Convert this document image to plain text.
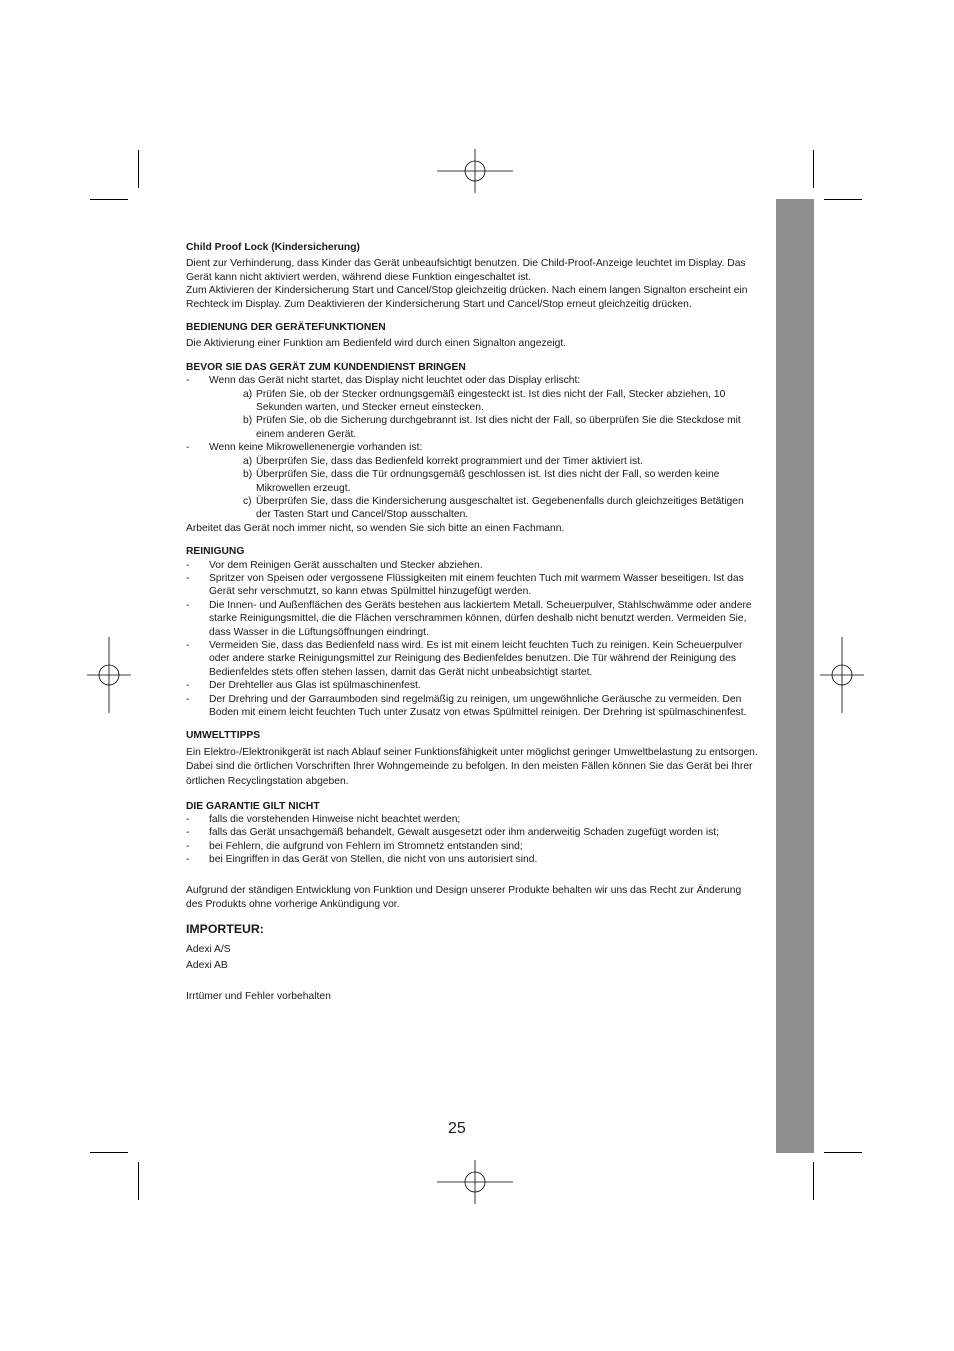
Child Proof Lock (Kindersicherung)

Dient zur Verhinderung, dass Kinder das Gerät unbeaufsichtigt benutzen. Die Child-Proof-Anzeige leuchtet im Display. Das Gerät kann nicht aktiviert werden, während diese Funktion eingeschaltet ist.

Zum Aktivieren der Kindersicherung Start und Cancel/Stop gleichzeitig drücken. Nach einem langen Signalton erscheint ein Rechteck im Display. Zum Deaktivieren der Kindersicherung Start und Cancel/Stop erneut gleichzeitig drücken.

BEDIENUNG DER GERÄTEFUNKTIONEN

Die Aktivierung einer Funktion am Bedienfeld wird durch einen Signalton angezeigt.

BEVOR SIE DAS GERÄT ZUM KUNDENDIENST BRINGEN

- Wenn das Gerät nicht startet, das Display nicht leuchtet oder das Display erlischt:

a) Prüfen Sie, ob der Stecker ordnungsgemäß eingesteckt ist. Ist dies nicht der Fall, Stecker abziehen, 10 Sekunden warten, und Stecker erneut einstecken.

b) Prüfen Sie, ob die Sicherung durchgebrannt ist. Ist dies nicht der Fall, so überprüfen Sie die Steckdose mit einem anderen Gerät.

- Wenn keine Mikrowellenenergie vorhanden ist:

a) Überprüfen Sie, dass das Bedienfeld korrekt programmiert und der Timer aktiviert ist.

b) Überprüfen Sie, dass die Tür ordnungsgemäß geschlossen ist. Ist dies nicht der Fall, so werden keine Mikrowellen erzeugt.

c) Überprüfen Sie, dass die Kindersicherung ausgeschaltet ist. Gegebenenfalls durch gleichzeitiges Betätigen der Tasten Start und Cancel/Stop ausschalten.

Arbeitet das Gerät noch immer nicht, so wenden Sie sich bitte an einen Fachmann.

REINIGUNG

- Vor dem Reinigen Gerät ausschalten und Stecker abziehen.

- Spritzer von Speisen oder vergossene Flüssigkeiten mit einem feuchten Tuch mit warmem Wasser beseitigen. Ist das Gerät sehr verschmutzt, so kann etwas Spülmittel hinzugefügt werden.

- Die Innen- und Außenflächen des Geräts bestehen aus lackiertem Metall. Scheuerpulver, Stahlschwämme oder andere starke Reinigungsmittel, die die Flächen verschrammen können, dürfen deshalb nicht benutzt werden. Vermeiden Sie, dass Wasser in die Lüftungsöffnungen eindringt.

- Vermeiden Sie, dass das Bedienfeld nass wird. Es ist mit einem leicht feuchten Tuch zu reinigen. Kein Scheuerpulver oder andere starke Reinigungsmittel zur Reinigung des Bedienfeldes benutzen. Die Tür während der Reinigung des Bedienfeldes stets offen stehen lassen, damit das Gerät nicht unbeabsichtigt startet.

- Der Drehteller aus Glas ist spülmaschinenfest.

- Der Drehring und der Garraumboden sind regelmäßig zu reinigen, um ungewöhnliche Geräusche zu vermeiden. Den Boden mit einem leicht feuchten Tuch unter Zusatz von etwas Spülmittel reinigen. Der Drehring ist spülmaschinenfest.

UMWELTTIPPS

Ein Elektro-/Elektronikgerät ist nach Ablauf seiner Funktionsfähigkeit unter möglichst geringer Umweltbelastung zu entsorgen. Dabei sind die örtlichen Vorschriften Ihrer Wohngemeinde zu befolgen. In den meisten Fällen können Sie das Gerät bei Ihrer örtlichen Recyclingstation abgeben.

DIE GARANTIE GILT NICHT

- falls die vorstehenden Hinweise nicht beachtet werden;

- falls das Gerät unsachgemäß behandelt, Gewalt ausgesetzt oder ihm anderweitig Schaden zugefügt worden ist;

- bei Fehlern, die aufgrund von Fehlern im Stromnetz entstanden sind;

- bei Eingriffen in das Gerät von Stellen, die nicht von uns autorisiert sind.

Aufgrund der ständigen Entwicklung von Funktion und Design unserer Produkte behalten wir uns das Recht zur Änderung des Produkts ohne vorherige Ankündigung vor.

IMPORTEUR:

Adexi A/S

Adexi AB

Irrtümer und Fehler vorbehalten

25
